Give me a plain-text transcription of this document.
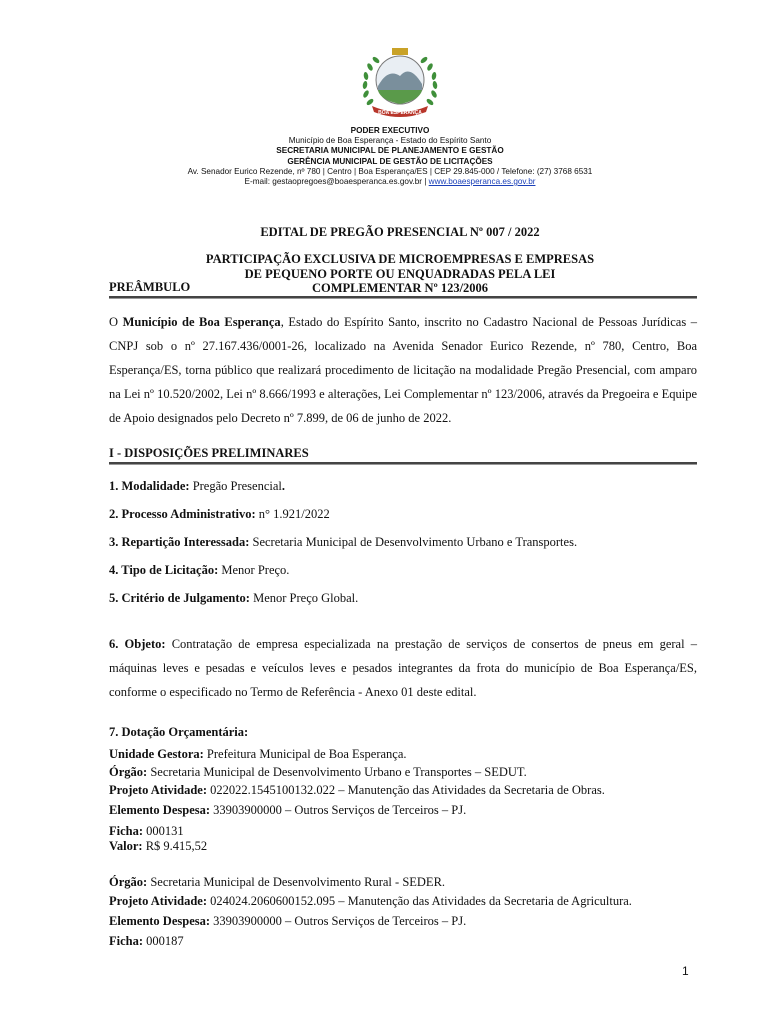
BOA ESPERANÇA
PODER EXECUTIVO
Município de Boa Esperança - Estado do Espírito Santo
SECRETARIA MUNICIPAL DE PLANEJAMENTO E GESTÃO
GERÊNCIA MUNICIPAL DE GESTÃO DE LICITAÇÕES
Av. Senador Eurico Rezende, nº 780 | Centro | Boa Esperança/ES | CEP 29.845-000 / Telefone: (27) 3768 6531
E-mail: gestaopregoes@boaesperanca.es.gov.br | www.boaesperanca.es.gov.br
EDITAL DE PREGÃO PRESENCIAL Nº 007 / 2022
PARTICIPAÇÃO EXCLUSIVA DE MICROEMPRESAS E EMPRESAS
DE PEQUENO PORTE OU ENQUADRADAS PELA LEI
COMPLEMENTAR Nº 123/2006
PREÂMBULO
O Município de Boa Esperança, Estado do Espírito Santo, inscrito no Cadastro Nacional de Pessoas Jurídicas – CNPJ sob o nº 27.167.436/0001-26, localizado na Avenida Senador Eurico Rezende, nº 780, Centro, Boa Esperança/ES, torna público que realizará procedimento de licitação na modalidade Pregão Presencial, com amparo na Lei nº 10.520/2002, Lei nº 8.666/1993 e alterações, Lei Complementar nº 123/2006, através da Pregoeira e Equipe de Apoio designados pelo Decreto nº 7.899, de 06 de junho de 2022.
I - DISPOSIÇÕES PRELIMINARES
1. Modalidade: Pregão Presencial.
2. Processo Administrativo: n° 1.921/2022
3. Repartição Interessada: Secretaria Municipal de Desenvolvimento Urbano e Transportes.
4. Tipo de Licitação: Menor Preço.
5. Critério de Julgamento: Menor Preço Global.
6. Objeto: Contratação de empresa especializada na prestação de serviços de consertos de pneus em geral – máquinas leves e pesadas e veículos leves e pesados integrantes da frota do município de Boa Esperança/ES, conforme o especificado no Termo de Referência - Anexo 01 deste edital.
7. Dotação Orçamentária:
Unidade Gestora: Prefeitura Municipal de Boa Esperança.
Órgão: Secretaria Municipal de Desenvolvimento Urbano e Transportes – SEDUT.
Projeto Atividade: 022022.1545100132.022 – Manutenção das Atividades da Secretaria de Obras.
Elemento Despesa: 33903900000 – Outros Serviços de Terceiros – PJ.
Ficha: 000131
Valor: R$ 9.415,52
Órgão: Secretaria Municipal de Desenvolvimento Rural - SEDER.
Projeto Atividade: 024024.2060600152.095 – Manutenção das Atividades da Secretaria de Agricultura.
Elemento Despesa: 33903900000 – Outros Serviços de Terceiros – PJ.
Ficha: 000187
1
